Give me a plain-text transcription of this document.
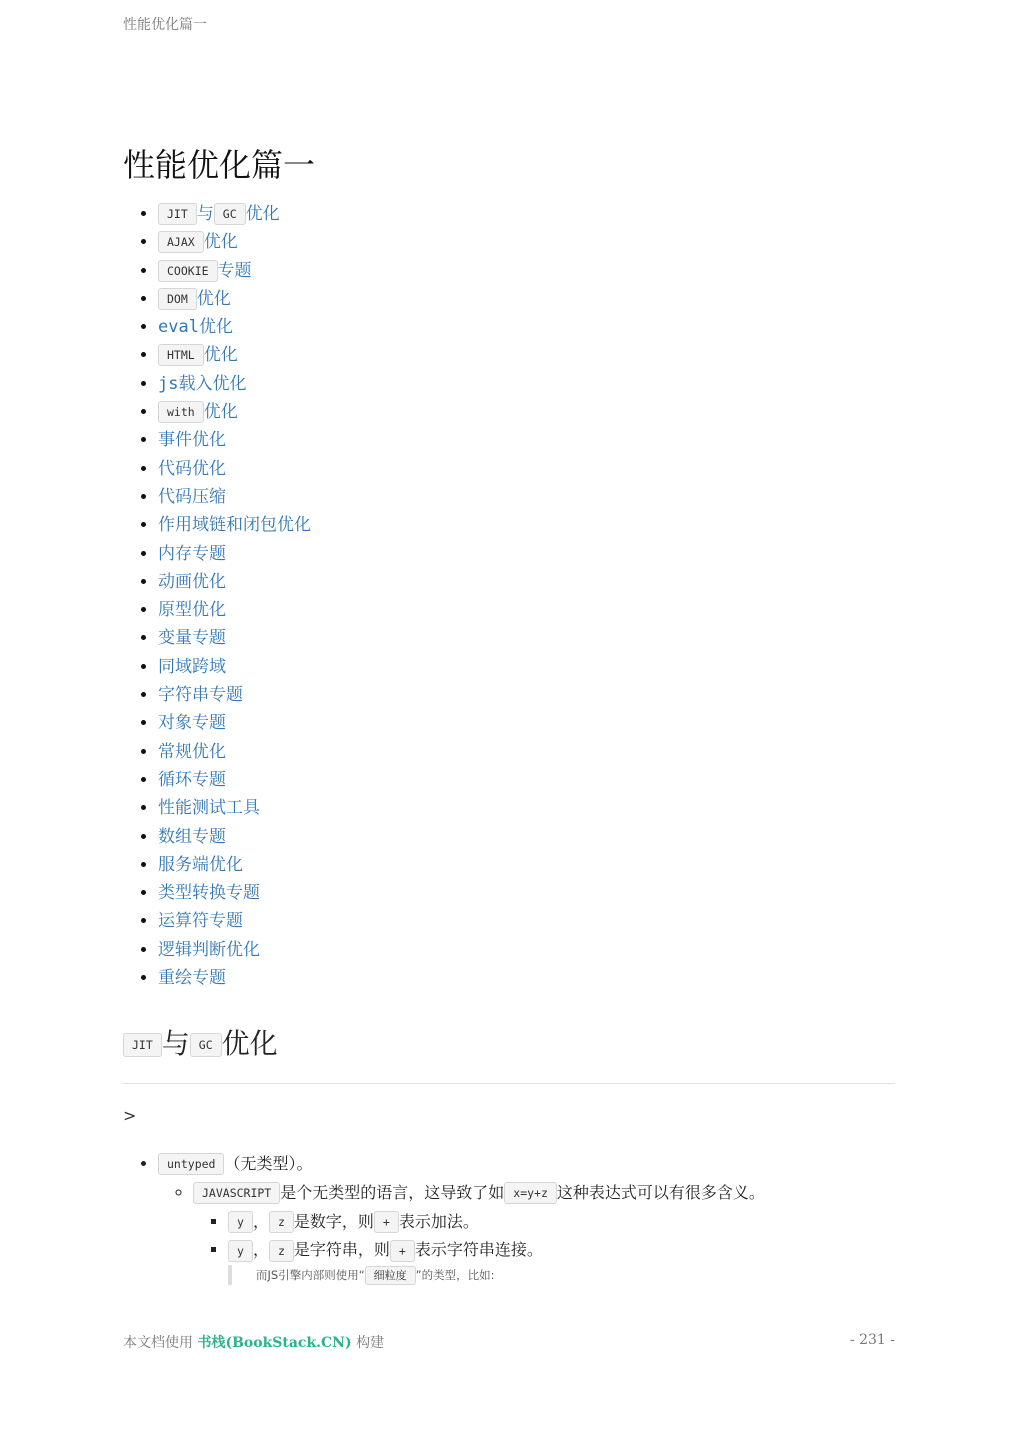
性能优化篇一
性能优化篇一
• JIT 与 GC 优化
• AJAX 优化
• COOKIE 专题
• DOM 优化
• eval优化
• HTML 优化
• js载入优化
• with 优化
• 事件优化
• 代码优化
• 代码压缩
• 作用域链和闭包优化
• 内存专题
• 动画优化
• 原型优化
• 变量专题
• 同域跨域
• 字符串专题
• 对象专题
• 常规优化
• 循环专题
• 性能测试工具
• 数组专题
• 服务端优化
• 类型转换专题
• 运算符专题
• 逻辑判断优化
• 重绘专题
JIT 与 GC 优化
>
• untyped （无类型）。
◦ JAVASCRIPT 是个无类型的语言，这导致了如 x=y+z 这种表达式可以有很多含义。
▪ y ， z 是数字，则 + 表示加法。
▪ y ， z 是字符串，则 + 表示字符串连接。
而JS引擎内部则使用“ 细粒度 ”的类型，比如:
本文档使用 书栈(BookStack.CN) 构建	- 231 -
